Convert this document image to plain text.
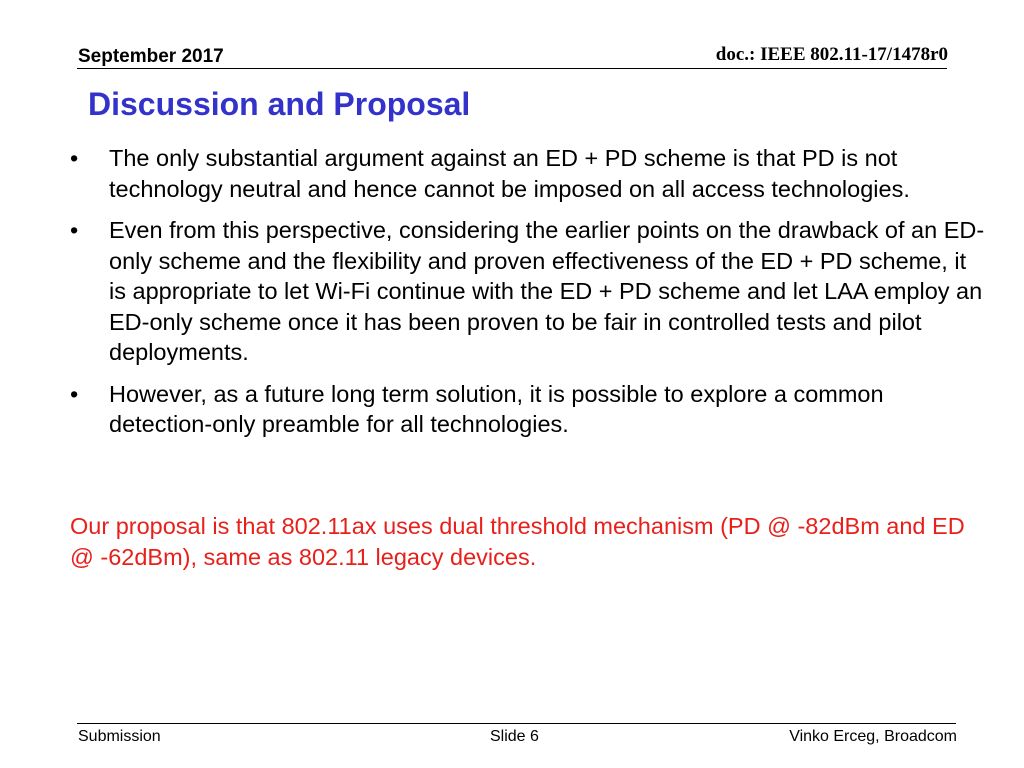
September 2017	doc.: IEEE 802.11-17/1478r0
Discussion and Proposal
•	The only substantial argument against an ED + PD scheme is that PD is not technology neutral and hence cannot be imposed on all access technologies.
•	Even from this perspective, considering the earlier points on the drawback of an ED-only scheme and the flexibility and proven effectiveness of the ED + PD scheme, it is appropriate to let Wi-Fi continue with the ED + PD scheme and let LAA employ an ED-only scheme once it has been proven to be fair in controlled tests and pilot deployments.
•	However, as a future long term solution, it is possible to explore a common detection-only preamble for all technologies.
Our proposal is that 802.11ax uses dual threshold mechanism (PD @ -82dBm and ED @ -62dBm), same as 802.11 legacy devices.
Submission	Slide 6	Vinko Erceg, Broadcom
